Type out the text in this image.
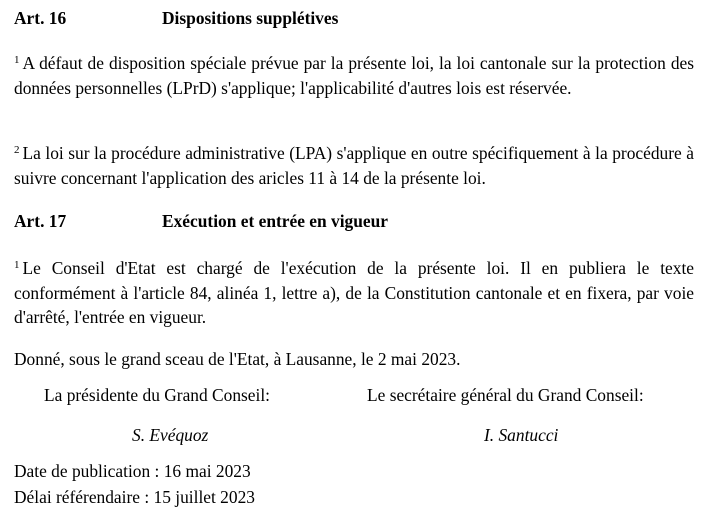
Art. 16	Dispositions supplétives
$^1$ A défaut de disposition spéciale prévue par la présente loi, la loi cantonale sur la protection des données personnelles (LPrD) s'applique; l'applicabilité d'autres lois est réservée.
$^2$ La loi sur la procédure administrative (LPA) s'applique en outre spécifiquement à la procédure à suivre concernant l'application des aricles 11 à 14 de la présente loi.
Art. 17	Exécution et entrée en vigueur
$^1$ Le Conseil d'Etat est chargé de l'exécution de la présente loi. Il en publiera le texte conformément à l'article 84, alinéa 1, lettre a), de la Constitution cantonale et en fixera, par voie d'arrêté, l'entrée en vigueur.
Donné, sous le grand sceau de l'Etat, à Lausanne, le 2 mai 2023.
La présidente du Grand Conseil:	Le secrétaire général du Grand Conseil:
S. Evéquoz	I. Santucci
Date de publication : 16 mai 2023
Délai référendaire : 15 juillet 2023
